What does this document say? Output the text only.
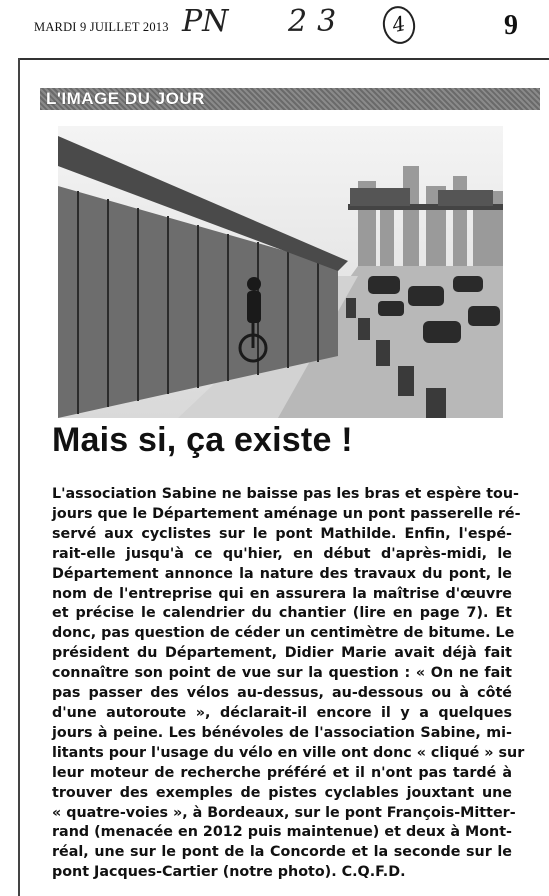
MARDI 9 JUILLET 2013 PN 23	4	9
L'IMAGE DU JOUR
Mais si, ça existe !
L'association Sabine ne baisse pas les bras et espère tou-
jours que le Département aménage un pont passerelle ré-
servé aux cyclistes sur le pont Mathilde. Enfin, l'espé-
rait-elle jusqu'à ce qu'hier, en début d'après-midi, le
Département annonce la nature des travaux du pont, le
nom de l'entreprise qui en assurera la maîtrise d'œuvre
et précise le calendrier du chantier (lire en page 7). Et
donc, pas question de céder un centimètre de bitume. Le
président du Département, Didier Marie avait déjà fait
connaître son point de vue sur la question : « On ne fait
pas passer des vélos au-dessus, au-dessous ou à côté
d'une autoroute », déclarait-il encore il y a quelques
jours à peine. Les bénévoles de l'association Sabine, mi-
litants pour l'usage du vélo en ville ont donc « cliqué » sur
leur moteur de recherche préféré et il n'ont pas tardé à
trouver des exemples de pistes cyclables jouxtant une
« quatre-voies », à Bordeaux, sur le pont François-Mitter-
rand (menacée en 2012 puis maintenue) et deux à Mont-
réal, une sur le pont de la Concorde et la seconde sur le
pont Jacques-Cartier (notre photo). C.Q.F.D.
